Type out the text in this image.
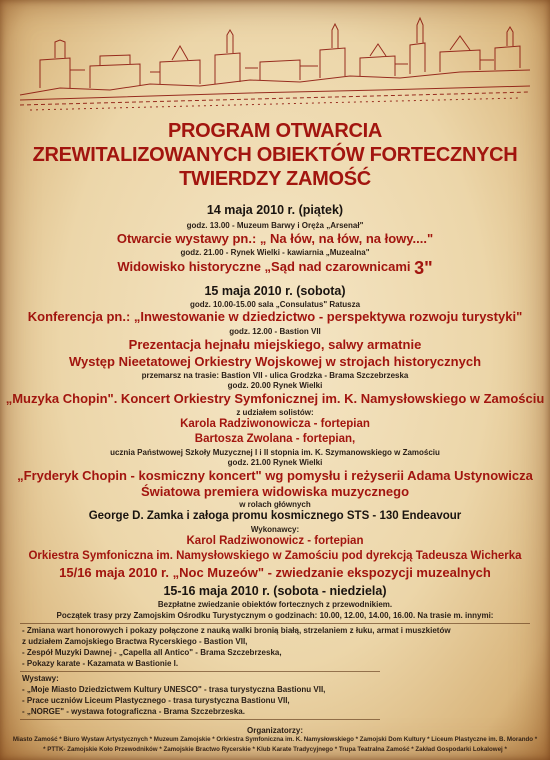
PROGRAM OTWARCIA
ZREWITALIZOWANYCH OBIEKTÓW FORTECZNYCH
TWIERDZY ZAMOŚĆ
14 maja 2010 r. (piątek)
godz. 13.00 - Muzeum Barwy i Oręża „Arsenał"
Otwarcie wystawy pn.: „ Na łów, na łów, na łowy...."
godz. 21.00 - Rynek Wielki - kawiarnia „Muzealna"
Widowisko historyczne „Sąd nad czarownicami 3"
15 maja 2010 r. (sobota)
godz. 10.00-15.00 sala „Consulatus" Ratusza
Konferencja pn.: „Inwestowanie w dziedzictwo - perspektywa rozwoju turystyki"
godz. 12.00 - Bastion VII
Prezentacja hejnału miejskiego, salwy armatnie
Występ Nieetatowej Orkiestry Wojskowej w strojach historycznych
przemarsz na trasie: Bastion VII - ulica Grodzka - Brama Szczebrzeska
godz. 20.00 Rynek Wielki
„Muzyka Chopin". Koncert Orkiestry Symfonicznej im. K. Namysłowskiego w Zamościu
z udziałem solistów:
Karola Radziwonowicza - fortepian
Bartosza Zwolana - fortepian,
ucznia Państwowej Szkoły Muzycznej I i II stopnia im. K. Szymanowskiego w Zamościu
godz. 21.00 Rynek Wielki
„Fryderyk Chopin - kosmiczny koncert" wg pomysłu i reżyserii Adama Ustynowicza
Światowa premiera widowiska muzycznego
w rolach głównych
George D. Zamka i załoga promu kosmicznego STS - 130 Endeavour
Wykonawcy:
Karol Radziwonowicz - fortepian
Orkiestra Symfoniczna im. Namysłowskiego w Zamościu pod dyrekcją Tadeusza Wicherka
15/16 maja 2010 r. „Noc Muzeów" - zwiedzanie ekspozycji muzealnych
15-16 maja 2010 r. (sobota - niedziela)
Bezpłatne zwiedzanie obiektów fortecznych z przewodnikiem.
Początek trasy przy Zamojskim Ośrodku Turystycznym o godzinach: 10.00, 12.00, 14.00, 16.00. Na trasie m. innymi:
- Zmiana wart honorowych i pokazy połączone z nauką walki bronią białą, strzelaniem z łuku, armat i muszkietów
z udziałem Zamojskiego Bractwa Rycerskiego - Bastion VII,
- Zespół Muzyki Dawnej - „Capella all Antico" - Brama Szczebrzeska,
- Pokazy karate - Kazamata w Bastionie I.
Wystawy:
- „Moje Miasto Dziedzictwem Kultury UNESCO" - trasa turystyczna Bastionu VII,
- Prace uczniów Liceum Plastycznego - trasa turystyczna Bastionu VII,
- „NORGE" - wystawa fotograficzna - Brama Szczebrzeska.
Organizatorzy:
Miasto Zamość * Biuro Wystaw Artystycznych * Muzeum Zamojskie * Orkiestra Symfoniczna im. K. Namysłowskiego * Zamojski Dom Kultury * Liceum Plastyczne im. B. Morando *
* PTTK- Zamojskie Koło Przewodników * Zamojskie Bractwo Rycerskie * Klub Karate Tradycyjnego * Trupa Teatralna Zamość * Zakład Gospodarki Lokalowej *
